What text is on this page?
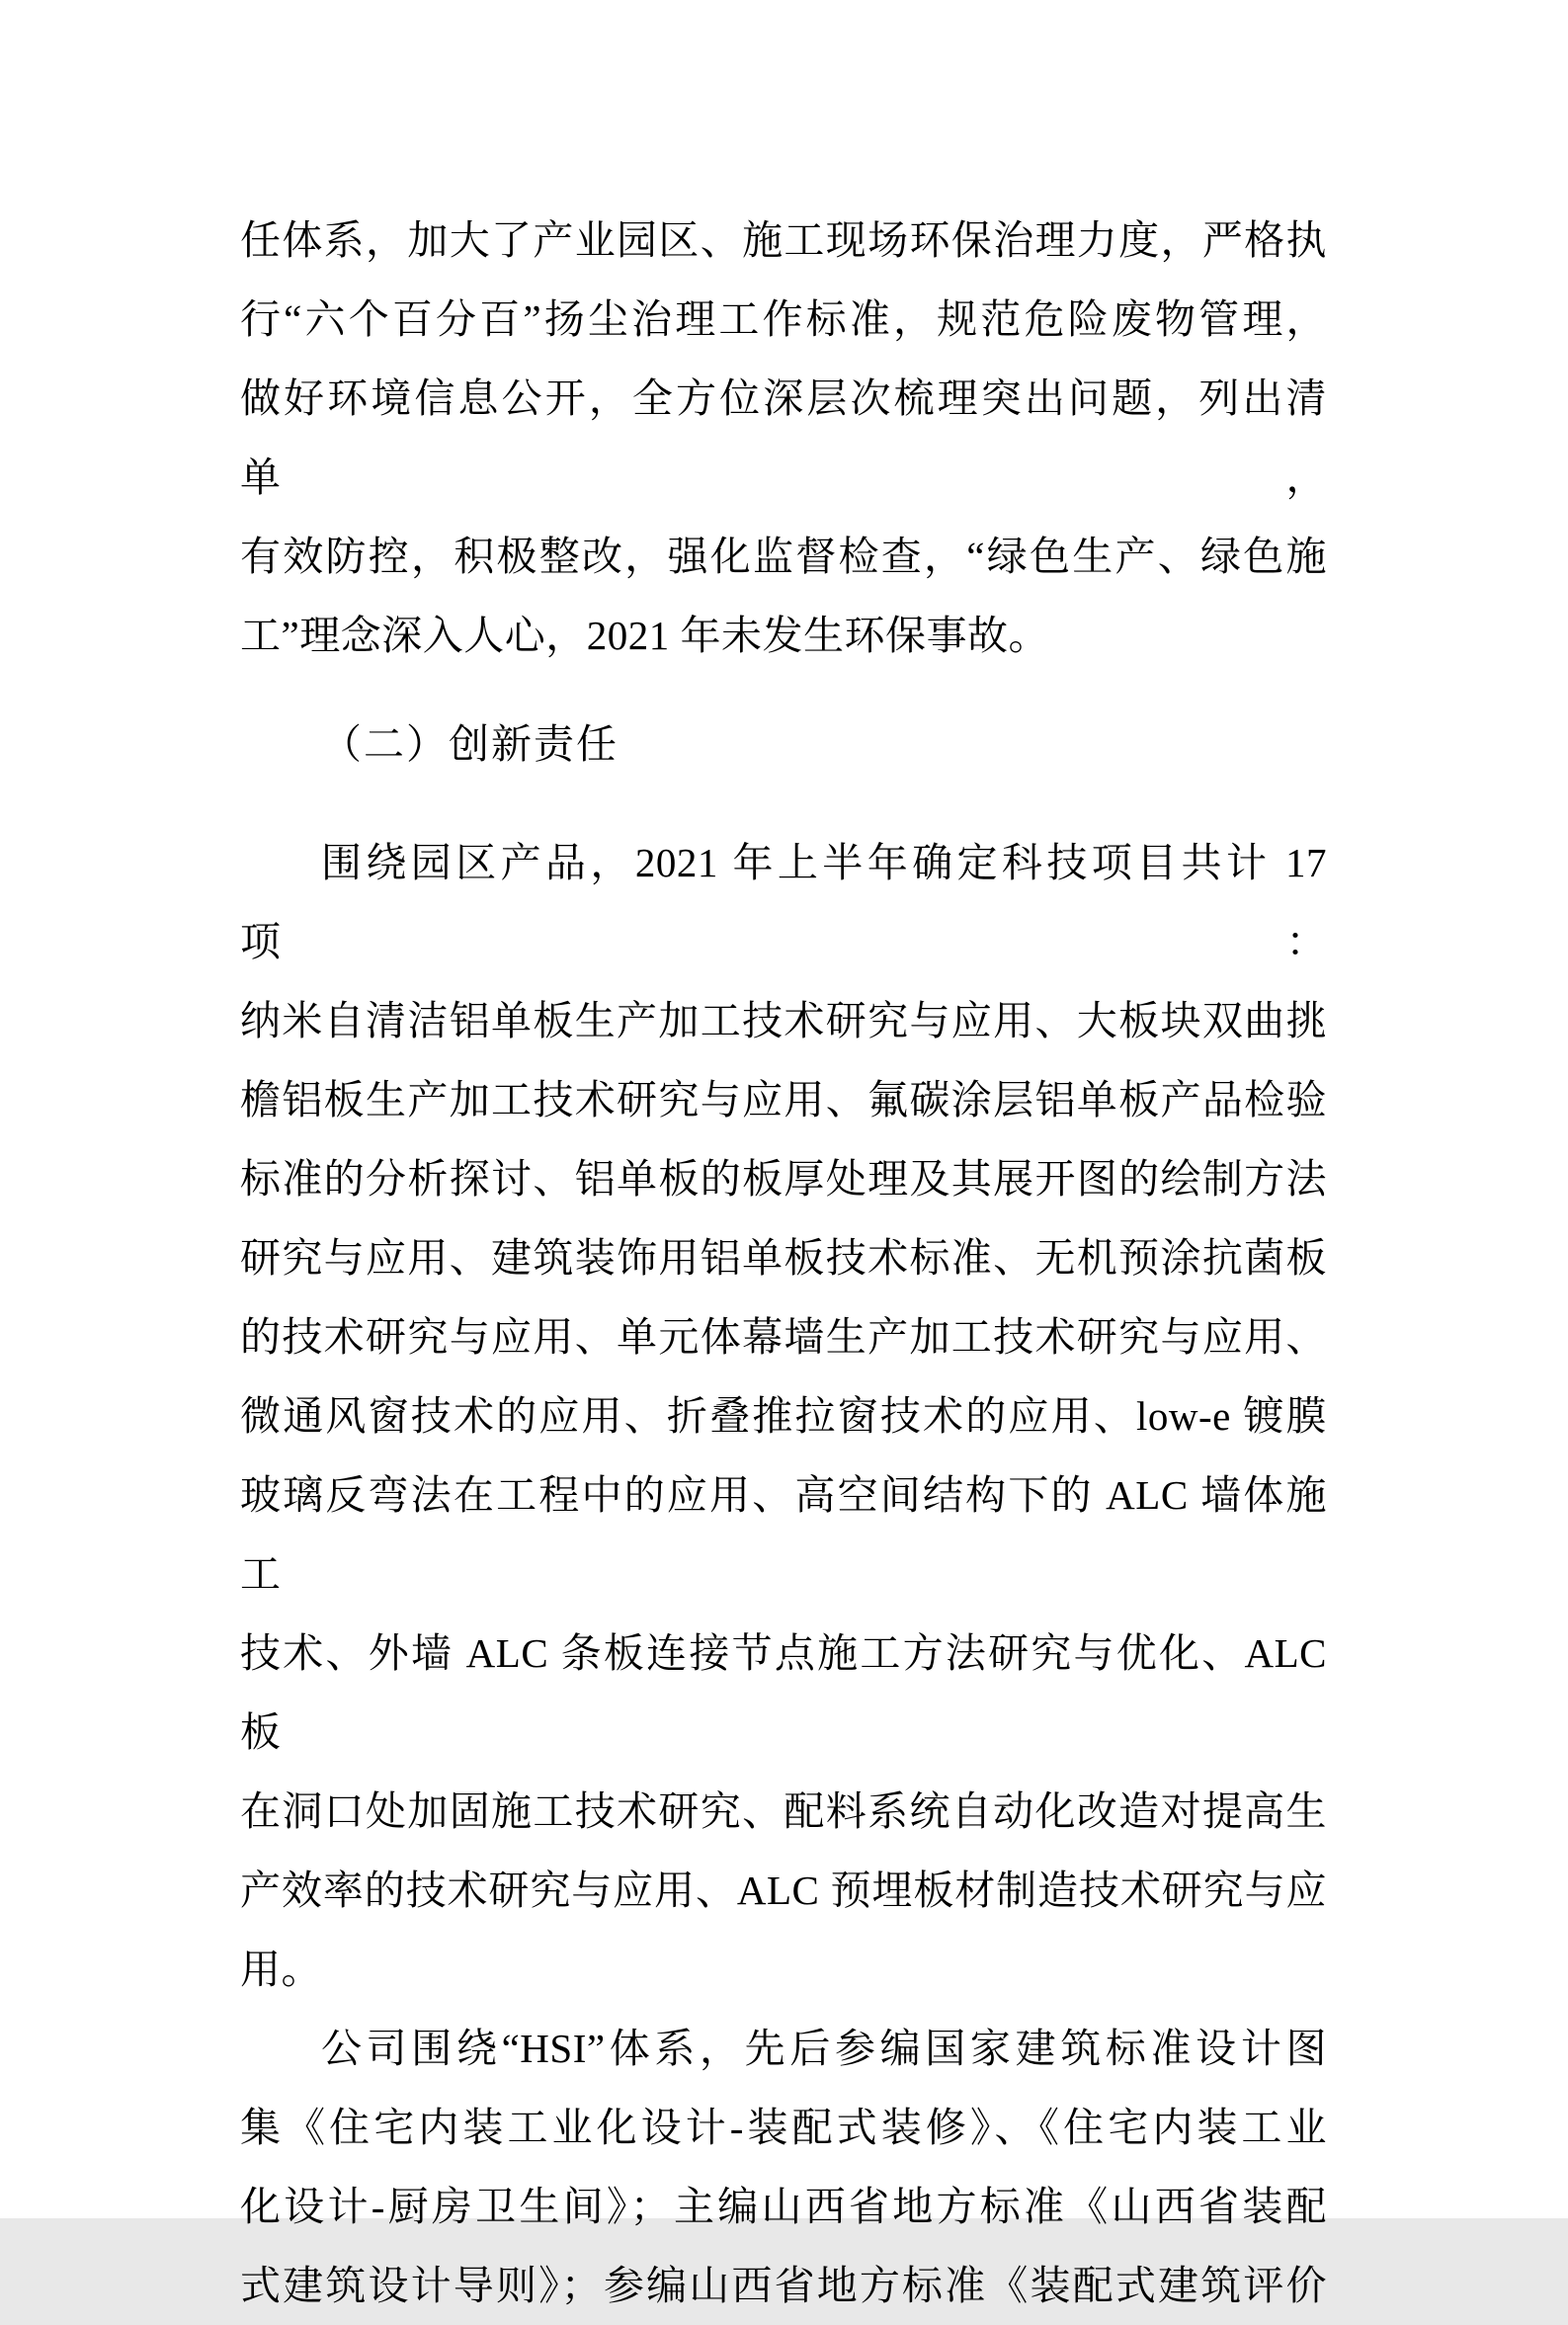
任体系，加大了产业园区、施工现场环保治理力度，严格执
行“六个百分百”扬尘治理工作标准，规范危险废物管理，
做好环境信息公开，全方位深层次梳理突出问题，列出清单，
有效防控，积极整改，强化监督检查，“绿色生产、绿色施
工”理念深入人心，2021 年未发生环保事故。
（二）创新责任
围绕园区产品，2021 年上半年确定科技项目共计 17 项：
纳米自清洁铝单板生产加工技术研究与应用、大板块双曲挑
檐铝板生产加工技术研究与应用、氟碳涂层铝单板产品检验
标准的分析探讨、铝单板的板厚处理及其展开图的绘制方法
研究与应用、建筑装饰用铝单板技术标准、无机预涂抗菌板
的技术研究与应用、单元体幕墙生产加工技术研究与应用、
微通风窗技术的应用、折叠推拉窗技术的应用、low-e 镀膜
玻璃反弯法在工程中的应用、高空间结构下的 ALC 墙体施工
技术、外墙 ALC 条板连接节点施工方法研究与优化、ALC 板
在洞口处加固施工技术研究、配料系统自动化改造对提高生
产效率的技术研究与应用、ALC 预埋板材制造技术研究与应
用。
公司围绕“HSI”体系，先后参编国家建筑标准设计图
集《住宅内装工业化设计-装配式装修》、《住宅内装工业
化设计-厨房卫生间》；主编山西省地方标准《山西省装配
式建筑设计导则》；参编山西省地方标准《装配式建筑评价
